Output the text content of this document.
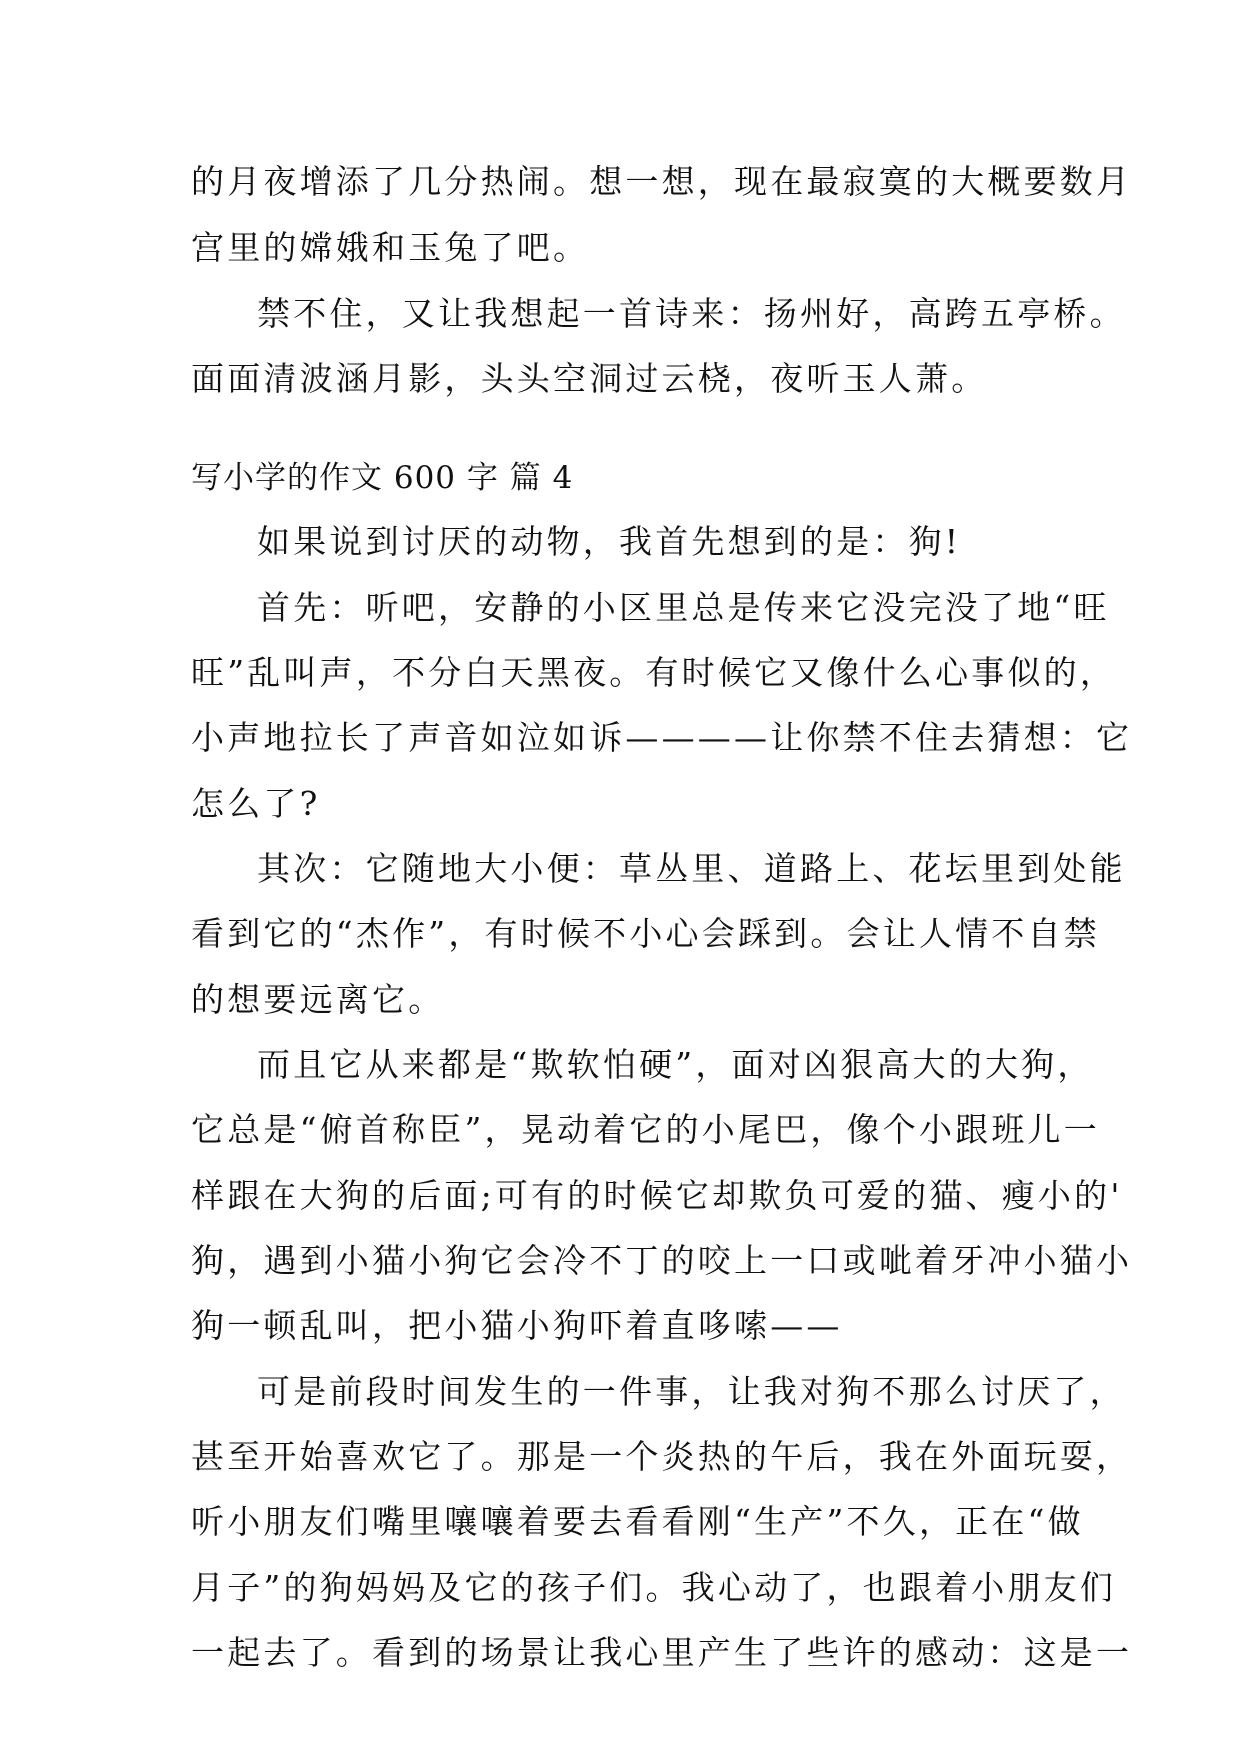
的月夜增添了几分热闹。想一想，现在最寂寞的大概要数月
宫里的嫦娥和玉兔了吧。
禁不住，又让我想起一首诗来：扬州好，高跨五亭桥。
面面清波涵月影，头头空洞过云桡，夜听玉人萧。
写小学的作文 600 字 篇 4
如果说到讨厌的动物，我首先想到的是：狗!
首先：听吧，安静的小区里总是传来它没完没了地“旺
旺”乱叫声，不分白天黑夜。有时候它又像什么心事似的，
小声地拉长了声音如泣如诉————让你禁不住去猜想：它
怎么了?
其次：它随地大小便：草丛里、道路上、花坛里到处能
看到它的“杰作”，有时候不小心会踩到。会让人情不自禁
的想要远离它。
而且它从来都是“欺软怕硬”，面对凶狠高大的大狗，
它总是“俯首称臣”，晃动着它的小尾巴，像个小跟班儿一
样跟在大狗的后面;可有的时候它却欺负可爱的猫、瘦小的'
狗，遇到小猫小狗它会冷不丁的咬上一口或呲着牙冲小猫小
狗一顿乱叫，把小猫小狗吓着直哆嗦——
可是前段时间发生的一件事，让我对狗不那么讨厌了，
甚至开始喜欢它了。那是一个炎热的午后，我在外面玩耍，
听小朋友们嘴里嚷嚷着要去看看刚“生产”不久，正在“做
月子”的狗妈妈及它的孩子们。我心动了，也跟着小朋友们
一起去了。看到的场景让我心里产生了些许的感动：这是一
